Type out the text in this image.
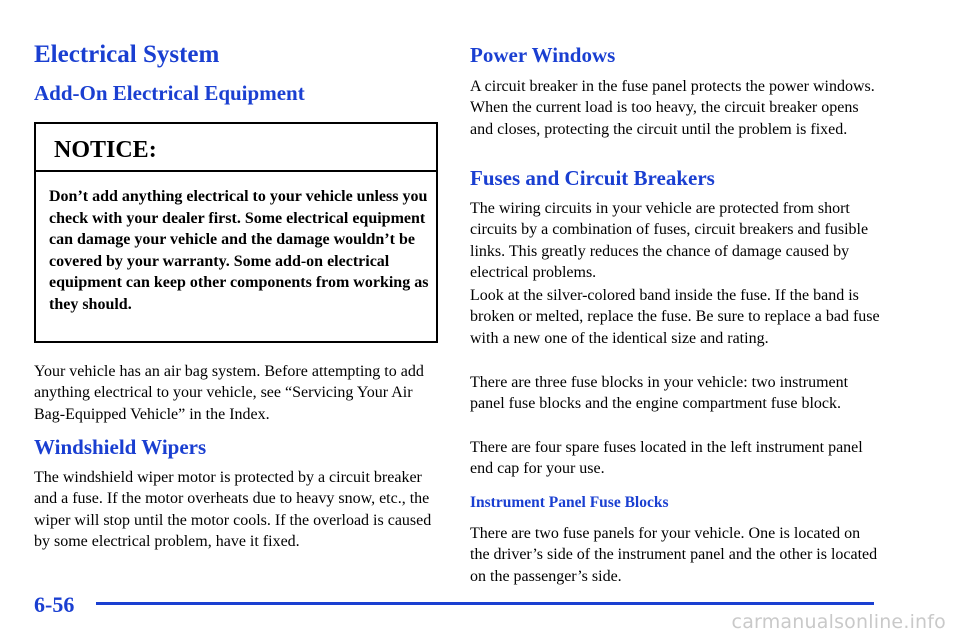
Electrical System
Add-On Electrical Equipment
NOTICE:
Don’t add anything electrical to your vehicle unless you check with your dealer first. Some electrical equipment can damage your vehicle and the damage wouldn’t be covered by your warranty. Some add-on electrical equipment can keep other components from working as they should.

Your vehicle has an air bag system. Before attempting to add anything electrical to your vehicle, see “Servicing Your Air Bag-Equipped Vehicle” in the Index.

Windshield Wipers

The windshield wiper motor is protected by a circuit breaker and a fuse. If the motor overheats due to heavy snow, etc., the wiper will stop until the motor cools. If the overload is caused by some electrical problem, have it fixed.

Power Windows

A circuit breaker in the fuse panel protects the power windows. When the current load is too heavy, the circuit breaker opens and closes, protecting the circuit until the problem is fixed.

Fuses and Circuit Breakers

The wiring circuits in your vehicle are protected from short circuits by a combination of fuses, circuit breakers and fusible links. This greatly reduces the chance of damage caused by electrical problems.

Look at the silver-colored band inside the fuse. If the band is broken or melted, replace the fuse. Be sure to replace a bad fuse with a new one of the identical size and rating.

There are three fuse blocks in your vehicle: two instrument panel fuse blocks and the engine compartment fuse block.

There are four spare fuses located in the left instrument panel end cap for your use.

Instrument Panel Fuse Blocks

There are two fuse panels for your vehicle. One is located on the driver’s side of the instrument panel and the other is located on the passenger’s side.

6-56
carmanualsonline.info
